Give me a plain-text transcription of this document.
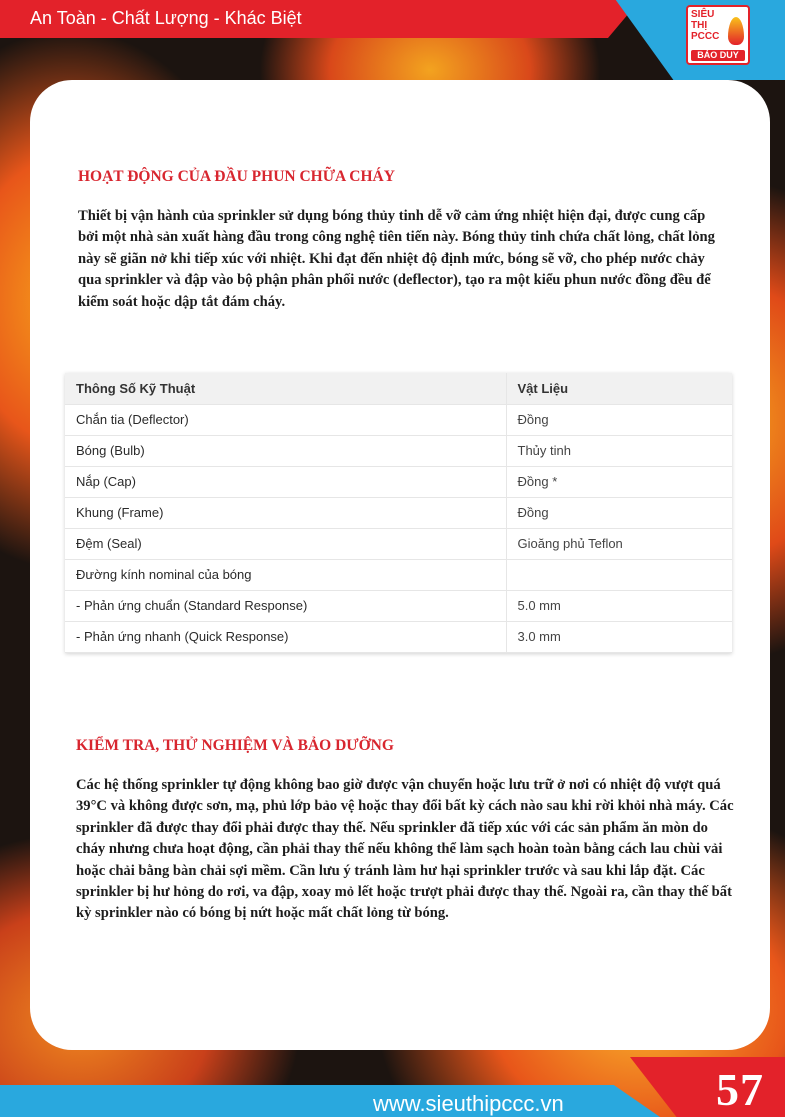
An Toàn - Chất Lượng - Khác Biệt	SIÊU
THỊ
PCCC
BẢO DUY
HOẠT ĐỘNG CỦA ĐẦU PHUN CHỮA CHÁY
Thiết bị vận hành của sprinkler sử dụng bóng thủy tinh dễ vỡ cảm ứng nhiệt hiện đại, được cung cấp bởi một nhà sản xuất hàng đầu trong công nghệ tiên tiến này. Bóng thủy tinh chứa chất lỏng, chất lỏng này sẽ giãn nở khi tiếp xúc với nhiệt. Khi đạt đến nhiệt độ định mức, bóng sẽ vỡ, cho phép nước chảy qua sprinkler và đập vào bộ phận phân phối nước (deflector), tạo ra một kiểu phun nước đồng đều để kiểm soát hoặc dập tắt đám cháy.
Thông Số Kỹ Thuật	Vật Liệu
Chắn tia (Deflector)	Đồng
Bóng (Bulb)	Thủy tinh
Nắp (Cap)	Đồng *
Khung (Frame)	Đồng
Đệm (Seal)	Gioăng phủ Teflon
Đường kính nominal của bóng	
- Phản ứng chuẩn (Standard Response)	5.0 mm
- Phản ứng nhanh (Quick Response)	3.0 mm
KIỂM TRA, THỬ NGHIỆM VÀ BẢO DƯỠNG
Các hệ thống sprinkler tự động không bao giờ được vận chuyển hoặc lưu trữ ở nơi có nhiệt độ vượt quá 39°C và không được sơn, mạ, phủ lớp bảo vệ hoặc thay đổi bất kỳ cách nào sau khi rời khỏi nhà máy. Các sprinkler đã được thay đổi phải được thay thế. Nếu sprinkler đã tiếp xúc với các sản phẩm ăn mòn do cháy nhưng chưa hoạt động, cần phải thay thế nếu không thể làm sạch hoàn toàn bằng cách lau chùi vải hoặc chải bằng bàn chải sợi mềm. Cần lưu ý tránh làm hư hại sprinkler trước và sau khi lắp đặt. Các sprinkler bị hư hỏng do rơi, va đập, xoay mỏ lết hoặc trượt phải được thay thế. Ngoài ra, cần thay thế bất kỳ sprinkler nào có bóng bị nứt hoặc mất chất lỏng từ bóng.
www.sieuthipccc.vn	57
